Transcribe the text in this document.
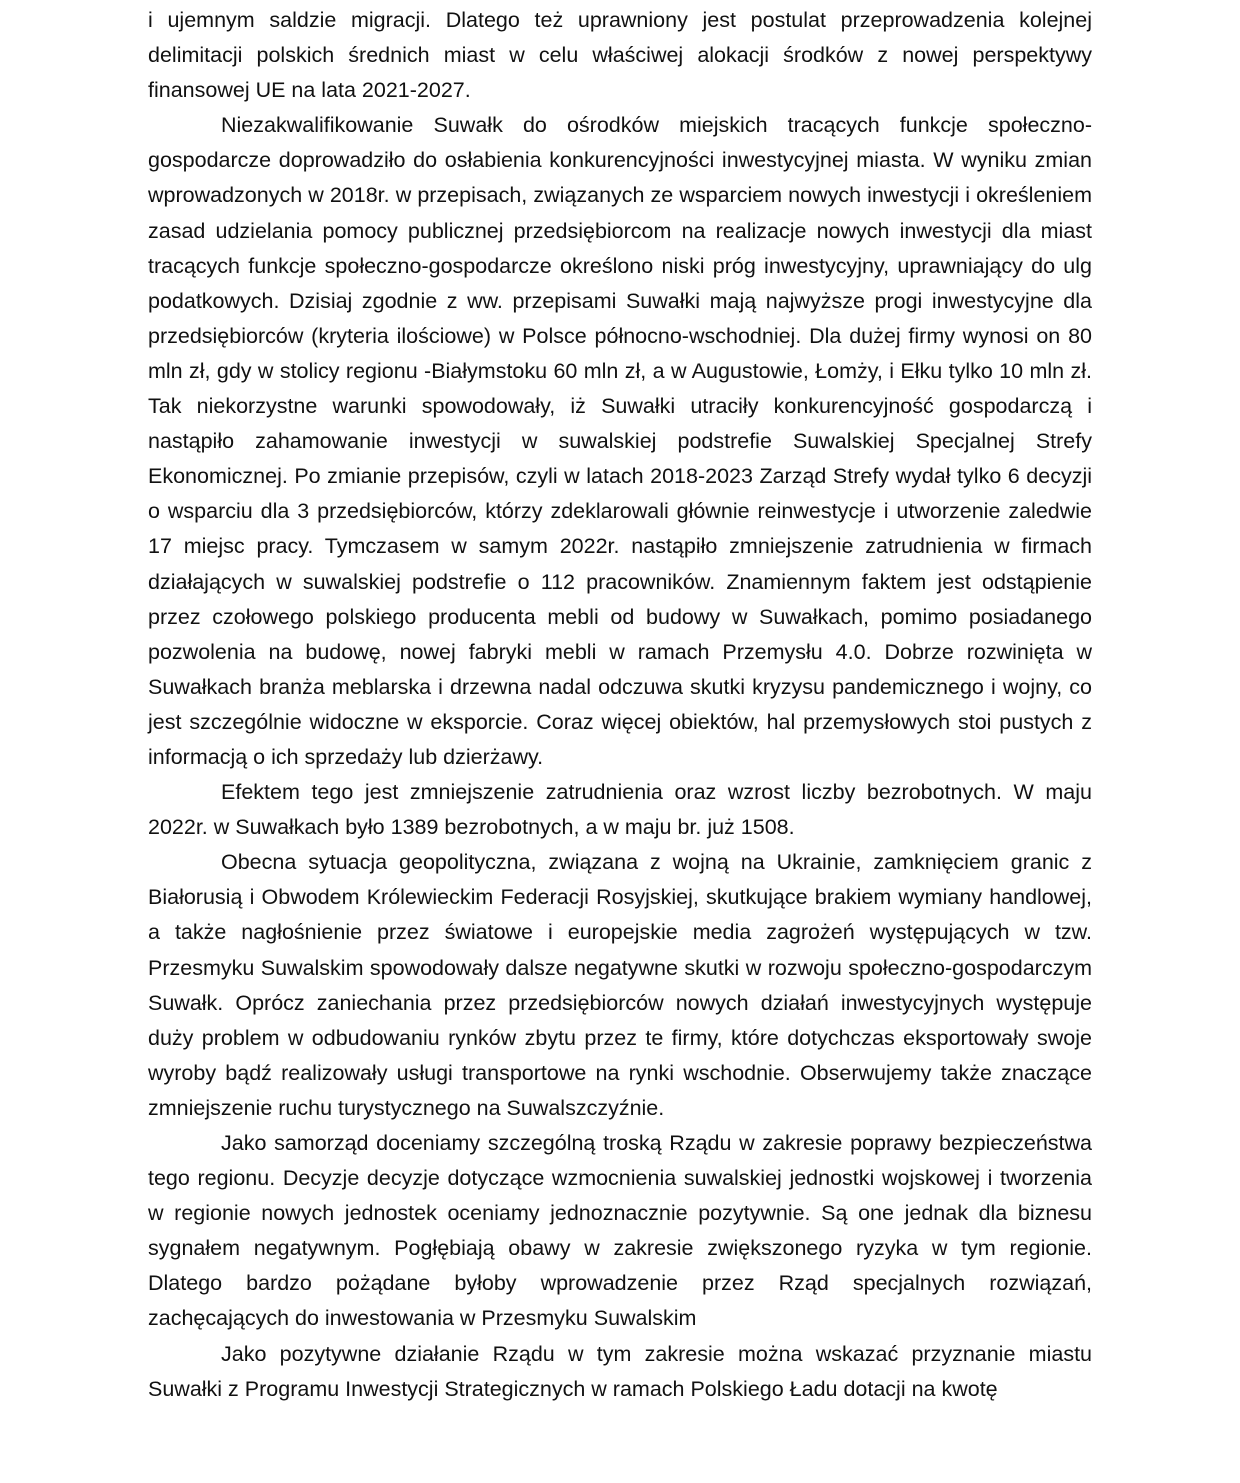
i ujemnym saldzie migracji. Dlatego też uprawniony jest postulat przeprowadzenia kolejnej delimitacji polskich średnich miast w celu właściwej alokacji środków z nowej perspektywy finansowej UE na lata 2021-2027.

Niezakwalifikowanie Suwałk do ośrodków miejskich tracących funkcje społeczno-gospodarcze doprowadziło do osłabienia konkurencyjności inwestycyjnej miasta. W wyniku zmian wprowadzonych w 2018r. w przepisach, związanych ze wsparciem nowych inwestycji i określeniem zasad udzielania pomocy publicznej przedsiębiorcom na realizacje nowych inwestycji dla miast tracących funkcje społeczno-gospodarcze określono niski próg inwestycyjny, uprawniający do ulg podatkowych. Dzisiaj zgodnie z ww. przepisami Suwałki mają najwyższe progi inwestycyjne dla przedsiębiorców (kryteria ilościowe) w Polsce północno-wschodniej. Dla dużej firmy wynosi on 80 mln zł, gdy w stolicy regionu -Białymstoku 60 mln zł, a w Augustowie, Łomży, i Ełku tylko 10 mln zł. Tak niekorzystne warunki spowodowały, iż Suwałki utraciły konkurencyjność gospodarczą i nastąpiło zahamowanie inwestycji w suwalskiej podstrefie Suwalskiej Specjalnej Strefy Ekonomicznej. Po zmianie przepisów, czyli w latach 2018-2023 Zarząd Strefy wydał tylko 6 decyzji o wsparciu dla 3 przedsiębiorców, którzy zdeklarowali głównie reinwestycje i utworzenie zaledwie 17 miejsc pracy. Tymczasem w samym 2022r. nastąpiło zmniejszenie zatrudnienia w firmach działających w suwalskiej podstrefie o 112 pracowników. Znamiennym faktem jest odstąpienie przez czołowego polskiego producenta mebli od budowy w Suwałkach, pomimo posiadanego pozwolenia na budowę, nowej fabryki mebli w ramach Przemysłu 4.0. Dobrze rozwinięta w Suwałkach branża meblarska i drzewna nadal odczuwa skutki kryzysu pandemicznego i wojny, co jest szczególnie widoczne w eksporcie. Coraz więcej obiektów, hal przemysłowych stoi pustych z informacją o ich sprzedaży lub dzierżawy.

Efektem tego jest zmniejszenie zatrudnienia oraz wzrost liczby bezrobotnych. W maju 2022r. w Suwałkach było 1389 bezrobotnych, a w maju br. już 1508.

Obecna sytuacja geopolityczna, związana z wojną na Ukrainie, zamknięciem granic z Białorusią i Obwodem Królewieckim Federacji Rosyjskiej, skutkujące brakiem wymiany handlowej, a także nagłośnienie przez światowe i europejskie media zagrożeń występujących w tzw. Przesmyku Suwalskim spowodowały dalsze negatywne skutki w rozwoju społeczno-gospodarczym Suwałk. Oprócz zaniechania przez przedsiębiorców nowych działań inwestycyjnych występuje duży problem w odbudowaniu rynków zbytu przez te firmy, które dotychczas eksportowały swoje wyroby bądź realizowały usługi transportowe na rynki wschodnie. Obserwujemy także znaczące zmniejszenie ruchu turystycznego na Suwalszczyźnie.

Jako samorząd doceniamy szczególną troską Rządu w zakresie poprawy bezpieczeństwa tego regionu. Decyzje decyzje dotyczące wzmocnienia suwalskiej jednostki wojskowej i tworzenia w regionie nowych jednostek oceniamy jednoznacznie pozytywnie. Są one jednak dla biznesu sygnałem negatywnym. Pogłębiają obawy w zakresie zwiększonego ryzyka w tym regionie. Dlatego bardzo pożądane byłoby wprowadzenie przez Rząd specjalnych rozwiązań, zachęcających do inwestowania w Przesmyku Suwalskim

Jako pozytywne działanie Rządu w tym zakresie można wskazać przyznanie miastu Suwałki z Programu Inwestycji Strategicznych w ramach Polskiego Ładu dotacji na kwotę
